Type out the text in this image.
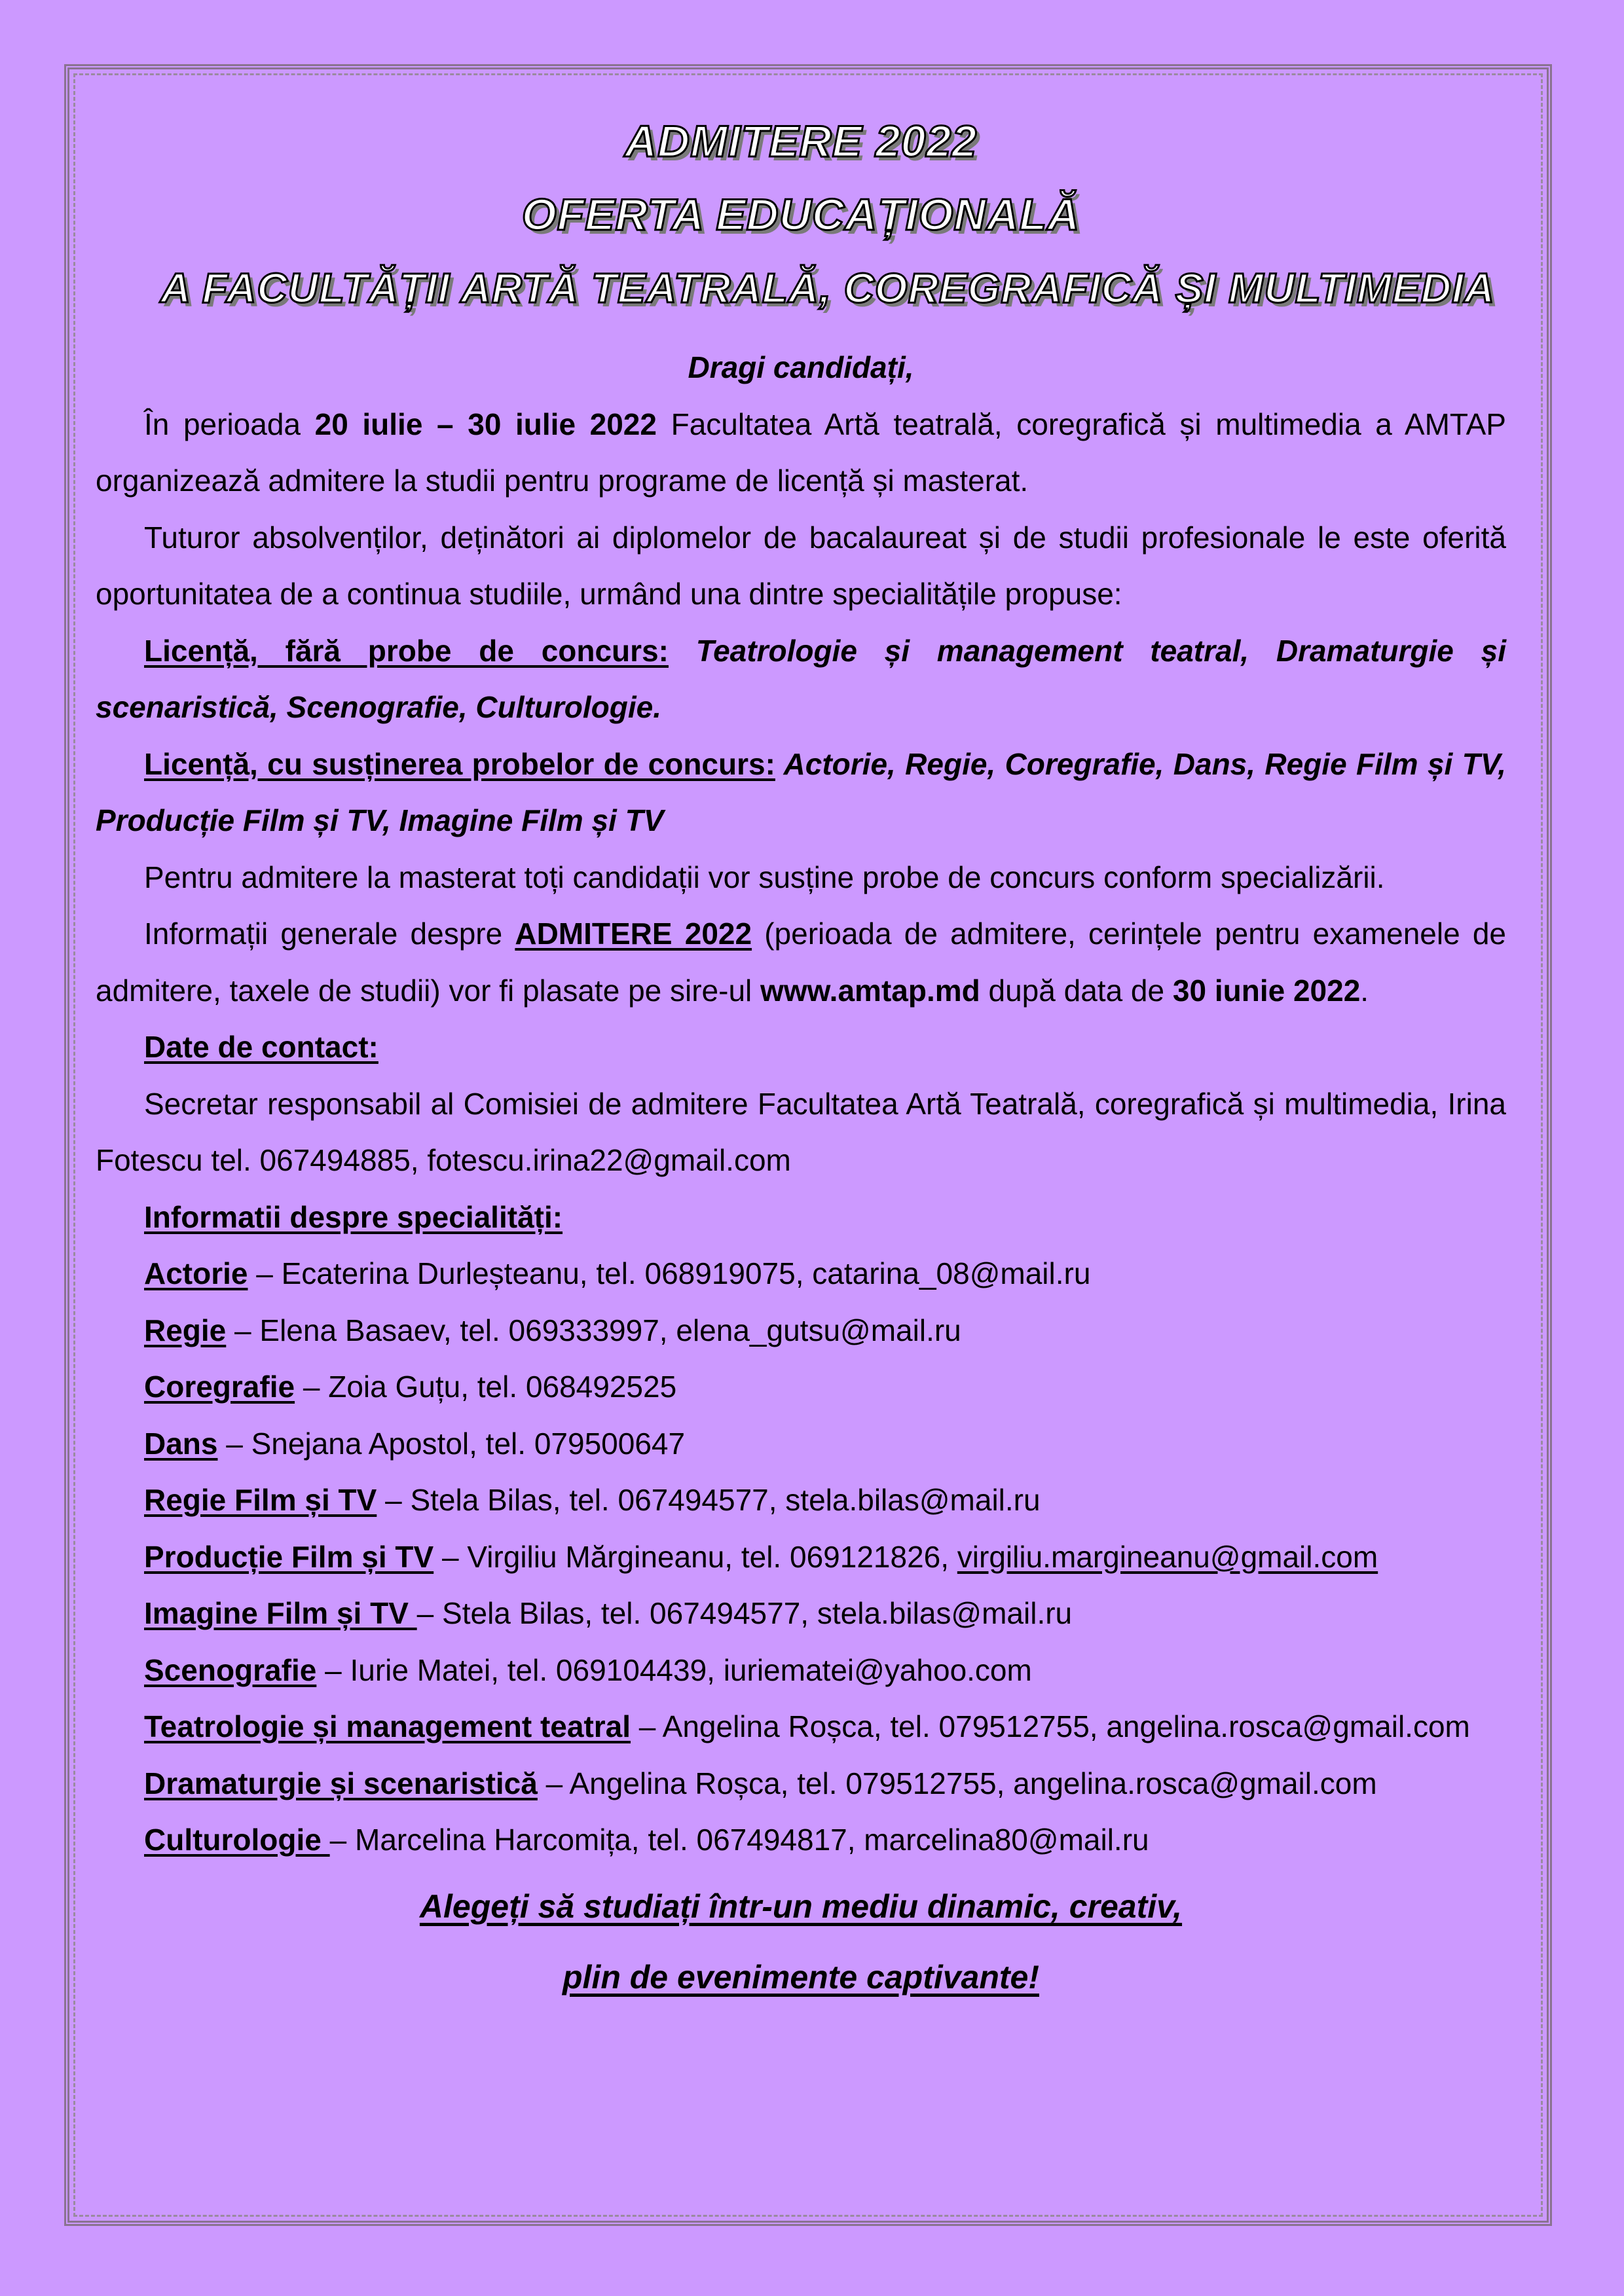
ADMITERE 2022
OFERTA EDUCAȚIONALĂ
A FACULTĂȚII ARTĂ TEATRALĂ, COREGRAFICĂ ȘI MULTIMEDIA

Dragi candidați,

În perioada 20 iulie – 30 iulie 2022 Facultatea Artă teatrală, coregrafică și multimedia a AMTAP organizează admitere la studii pentru programe de licență și masterat.

Tuturor absolvenților, deținători ai diplomelor de bacalaureat și de studii profesionale le este oferită oportunitatea de a continua studiile, urmând una dintre specialitățile propuse:

Licență, fără probe de concurs: Teatrologie și management teatral, Dramaturgie și scenaristică, Scenografie, Culturologie.

Licență, cu susținerea probelor de concurs: Actorie, Regie, Coregrafie, Dans, Regie Film și TV, Producție Film și TV, Imagine Film și TV

Pentru admitere la masterat toți candidații vor susține probe de concurs conform specializării.

Informații generale despre ADMITERE 2022 (perioada de admitere, cerințele pentru examenele de admitere, taxele de studii) vor fi plasate pe sire-ul www.amtap.md după data de 30 iunie 2022.

Date de contact:

Secretar responsabil al Comisiei de admitere Facultatea Artă Teatrală, coregrafică și multimedia, Irina Fotescu tel. 067494885, fotescu.irina22@gmail.com

Informatii despre specialități:

Actorie – Ecaterina Durleșteanu, tel. 068919075, catarina_08@mail.ru

Regie – Elena Basaev, tel. 069333997, elena_gutsu@mail.ru

Coregrafie – Zoia Guțu, tel. 068492525

Dans – Snejana Apostol, tel. 079500647

Regie Film și TV – Stela Bilas, tel. 067494577, stela.bilas@mail.ru

Producție Film și TV – Virgiliu Mărgineanu, tel. 069121826, virgiliu.margineanu@gmail.com

Imagine Film și TV – Stela Bilas, tel. 067494577, stela.bilas@mail.ru

Scenografie – Iurie Matei, tel. 069104439, iuriematei@yahoo.com

Teatrologie și management teatral – Angelina Roșca, tel. 079512755, angelina.rosca@gmail.com

Dramaturgie și scenaristică – Angelina Roșca, tel. 079512755, angelina.rosca@gmail.com

Culturologie – Marcelina Harcomița, tel. 067494817, marcelina80@mail.ru

Alegeți să studiați într-un mediu dinamic, creativ,
plin de evenimente captivante!
